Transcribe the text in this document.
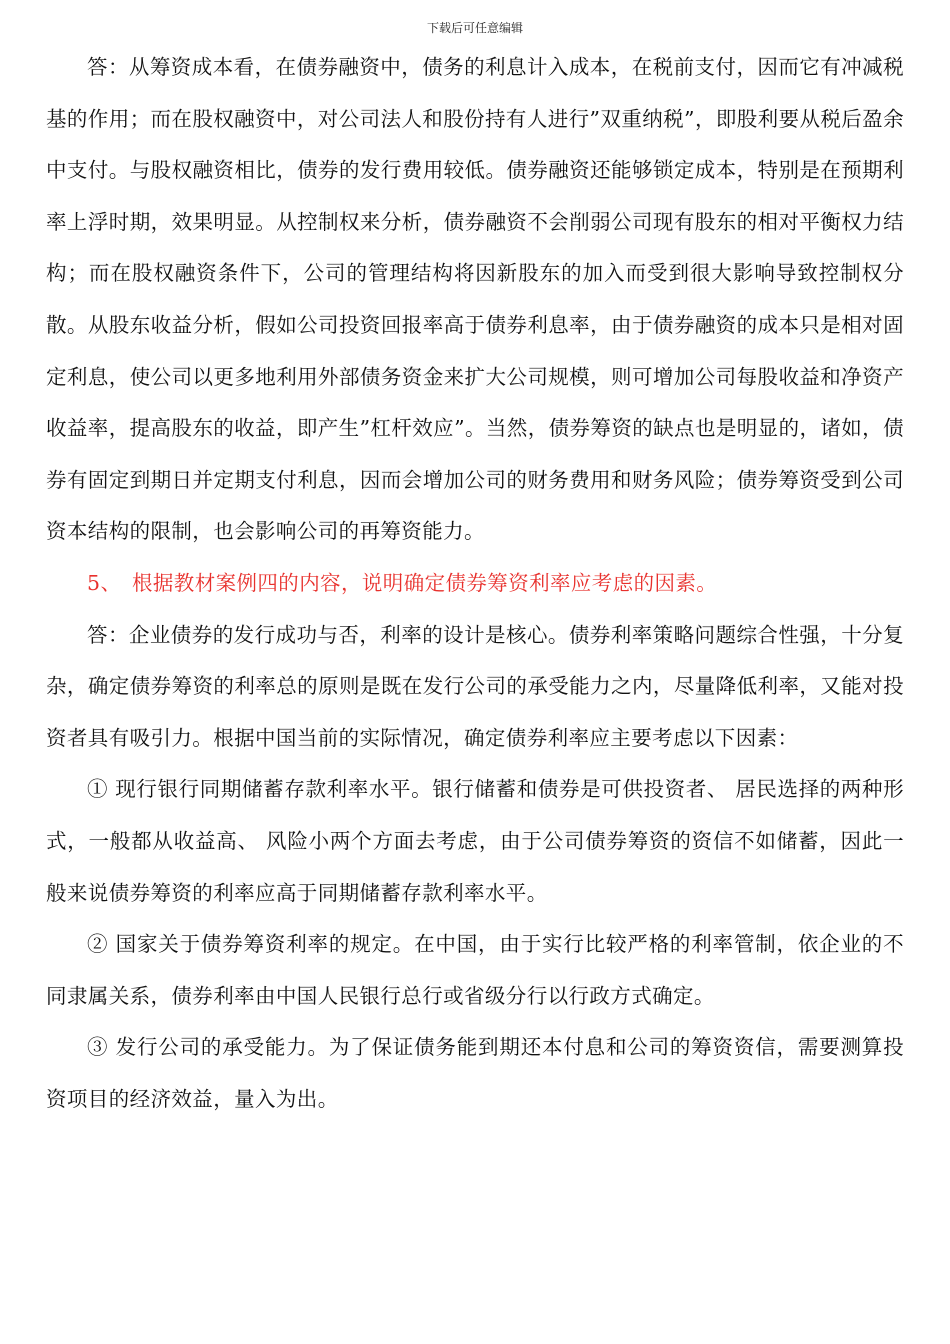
下载后可任意编辑

答：从筹资成本看，在债券融资中，债务的利息计入成本，在税前支付，因而它有冲减税基的作用；而在股权融资中，对公司法人和股份持有人进行”双重纳税”，即股利要从税后盈余中支付。与股权融资相比，债券的发行费用较低。债券融资还能够锁定成本，特别是在预期利率上浮时期，效果明显。从控制权来分析，债券融资不会削弱公司现有股东的相对平衡权力结构；而在股权融资条件下，公司的管理结构将因新股东的加入而受到很大影响导致控制权分散。从股东收益分析，假如公司投资回报率高于债券利息率，由于债券融资的成本只是相对固定利息，使公司以更多地利用外部债务资金来扩大公司规模，则可增加公司每股收益和净资产收益率，提高股东的收益，即产生”杠杆效应”。当然，债券筹资的缺点也是明显的，诸如，债券有固定到期日并定期支付利息，因而会增加公司的财务费用和财务风险；债券筹资受到公司资本结构的限制，也会影响公司的再筹资能力。

5、　根据教材案例四的内容，说明确定债券筹资利率应考虑的因素。

答：企业债券的发行成功与否，利率的设计是核心。债券利率策略问题综合性强，十分复杂，确定债券筹资的利率总的原则是既在发行公司的承受能力之内，尽量降低利率，又能对投资者具有吸引力。根据中国当前的实际情况，确定债券利率应主要考虑以下因素：

① 现行银行同期储蓄存款利率水平。银行储蓄和债券是可供投资者、 居民选择的两种形式，一般都从收益高、 风险小两个方面去考虑，由于公司债券筹资的资信不如储蓄，因此一般来说债券筹资的利率应高于同期储蓄存款利率水平。

② 国家关于债券筹资利率的规定。在中国，由于实行比较严格的利率管制，依企业的不同隶属关系，债券利率由中国人民银行总行或省级分行以行政方式确定。

③ 发行公司的承受能力。为了保证债务能到期还本付息和公司的筹资资信，需要测算投资项目的经济效益，量入为出。
